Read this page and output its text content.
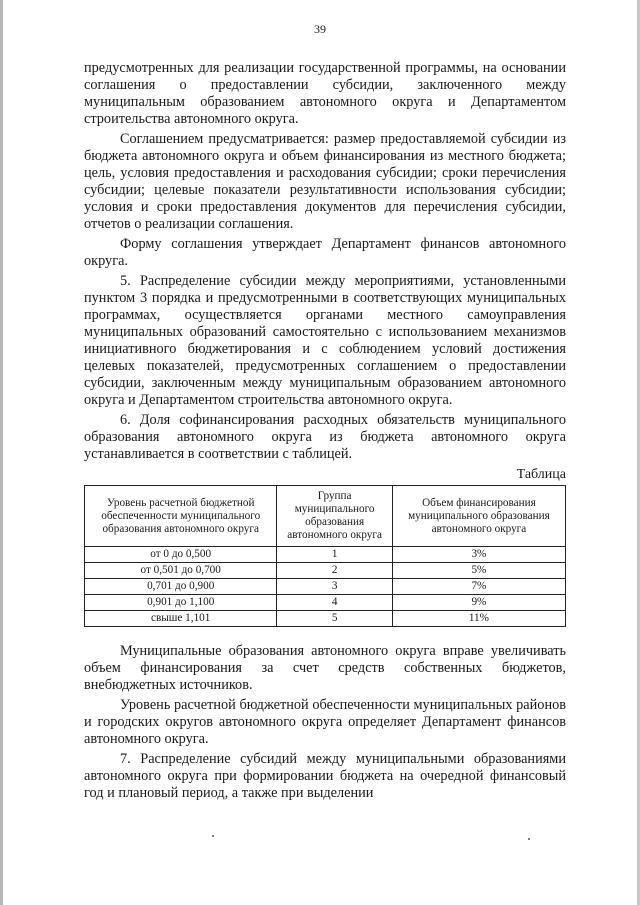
39

предусмотренных для реализации государственной программы, на основании соглашения о предоставлении субсидии, заключенного между муниципальным образованием автономного округа и Департаментом строительства автономного округа.

Соглашением предусматривается: размер предоставляемой субсидии из бюджета автономного округа и объем финансирования из местного бюджета; цель, условия предоставления и расходования субсидии; сроки перечисления субсидии; целевые показатели результативности использования субсидии; условия и сроки предоставления документов для перечисления субсидии, отчетов о реализации соглашения.

Форму соглашения утверждает Департамент финансов автономного округа.

5. Распределение субсидии между мероприятиями, установленными пунктом 3 порядка и предусмотренными в соответствующих муниципальных программах, осуществляется органами местного самоуправления муниципальных образований самостоятельно с использованием механизмов инициативного бюджетирования и с соблюдением условий достижения целевых показателей, предусмотренных соглашением о предоставлении субсидии, заключенным между муниципальным образованием автономного округа и Департаментом строительства автономного округа.

6. Доля софинансирования расходных обязательств муниципального образования автономного округа из бюджета автономного округа устанавливается в соответствии с таблицей.

Таблица
Уровень расчетной бюджетной обеспеченности муниципального образования автономного округа	Группа муниципального образования автономного округа	Объем финансирования муниципального образования автономного округа
от 0 до 0,500	1	3%
от 0,501 до 0,700	2	5%
0,701 до 0,900	3	7%
0,901 до 1,100	4	9%
свыше 1,101	5	11%

Муниципальные образования автономного округа вправе увеличивать объем финансирования за счет средств собственных бюджетов, внебюджетных источников.

Уровень расчетной бюджетной обеспеченности муниципальных районов и городских округов автономного округа определяет Департамент финансов автономного округа.

7. Распределение субсидий между муниципальными образованиями автономного округа при формировании бюджета на очередной финансовый год и плановый период, а также при выделении
